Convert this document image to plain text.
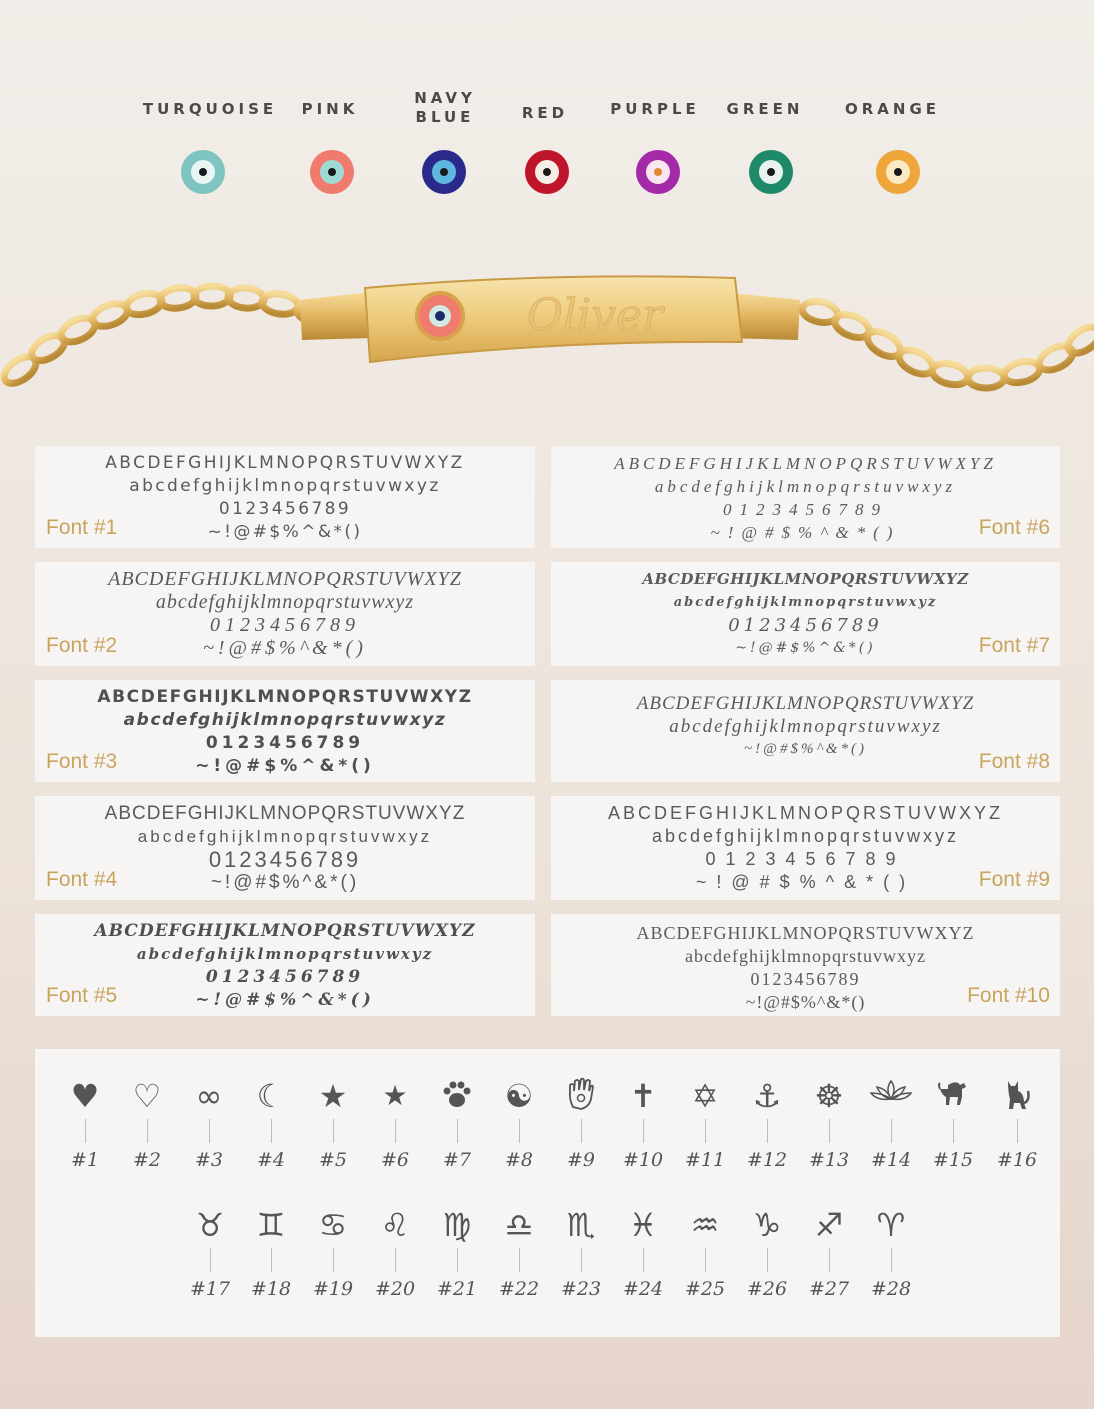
TURQUOISE	PINK
NAVY
BLUE	RED	PURPLE	GREEN	ORANGE
Oliver
ABCDEFGHIJKLMNOPQRSTUVWXYZ
abcdefghijklmnopqrstuvwxyz
0123456789
~!@#$%^&*()
Font #1
ABCDEFGHIJKLMNOPQRSTUVWXYZ
abcdefghijklmnopqrstuvwxyz
0123456789
~!@#$%^&*()
Font #2
ABCDEFGHIJKLMNOPQRSTUVWXYZ
abcdefghijklmnopqrstuvwxyz
0123456789
~!@#$%^&*()
Font #3
ABCDEFGHIJKLMNOPQRSTUVWXYZ
abcdefghijklmnopqrstuvwxyz
0123456789
~!@#$%^&*()
Font #4
ABCDEFGHIJKLMNOPQRSTUVWXYZ
abcdefghijklmnopqrstuvwxyz
0123456789
~!@#$%^&*()
Font #5
ABCDEFGHIJKLMNOPQRSTUVWXYZ
abcdefghijklmnopqrstuvwxyz
0123456789
~!@#$%^&*()	Font #6
ABCDEFGHIJKLMNOPQRSTUVWXYZ
abcdefghijklmnopqrstuvwxyz
0123456789
~!@#$%^&*()	Font #7
ABCDEFGHIJKLMNOPQRSTUVWXYZ
abcdefghijklmnopqrstuvwxyz
~!@#$%^&*()
Font #8
ABCDEFGHIJKLMNOPQRSTUVWXYZ
abcdefghijklmnopqrstuvwxyz
0123456789
~!@#$%^&*()	Font #9
ABCDEFGHIJKLMNOPQRSTUVWXYZ
abcdefghijklmnopqrstuvwxyz
0123456789
~!@#$%^&*()	Font #10
♥
#1
♡
#2
∞
#3
☾
#4
★
#5
★
#6	#7
☯
#8	#9
✝
#10
✡
#11
⚓
#12
☸
#13	#14	#15	#16
♉
#17
♊
#18
♋
#19
♌
#20
♍
#21
♎
#22
♏
#23
♓
#24
♒
#25
♑
#26
♐
#27
♈
#28
